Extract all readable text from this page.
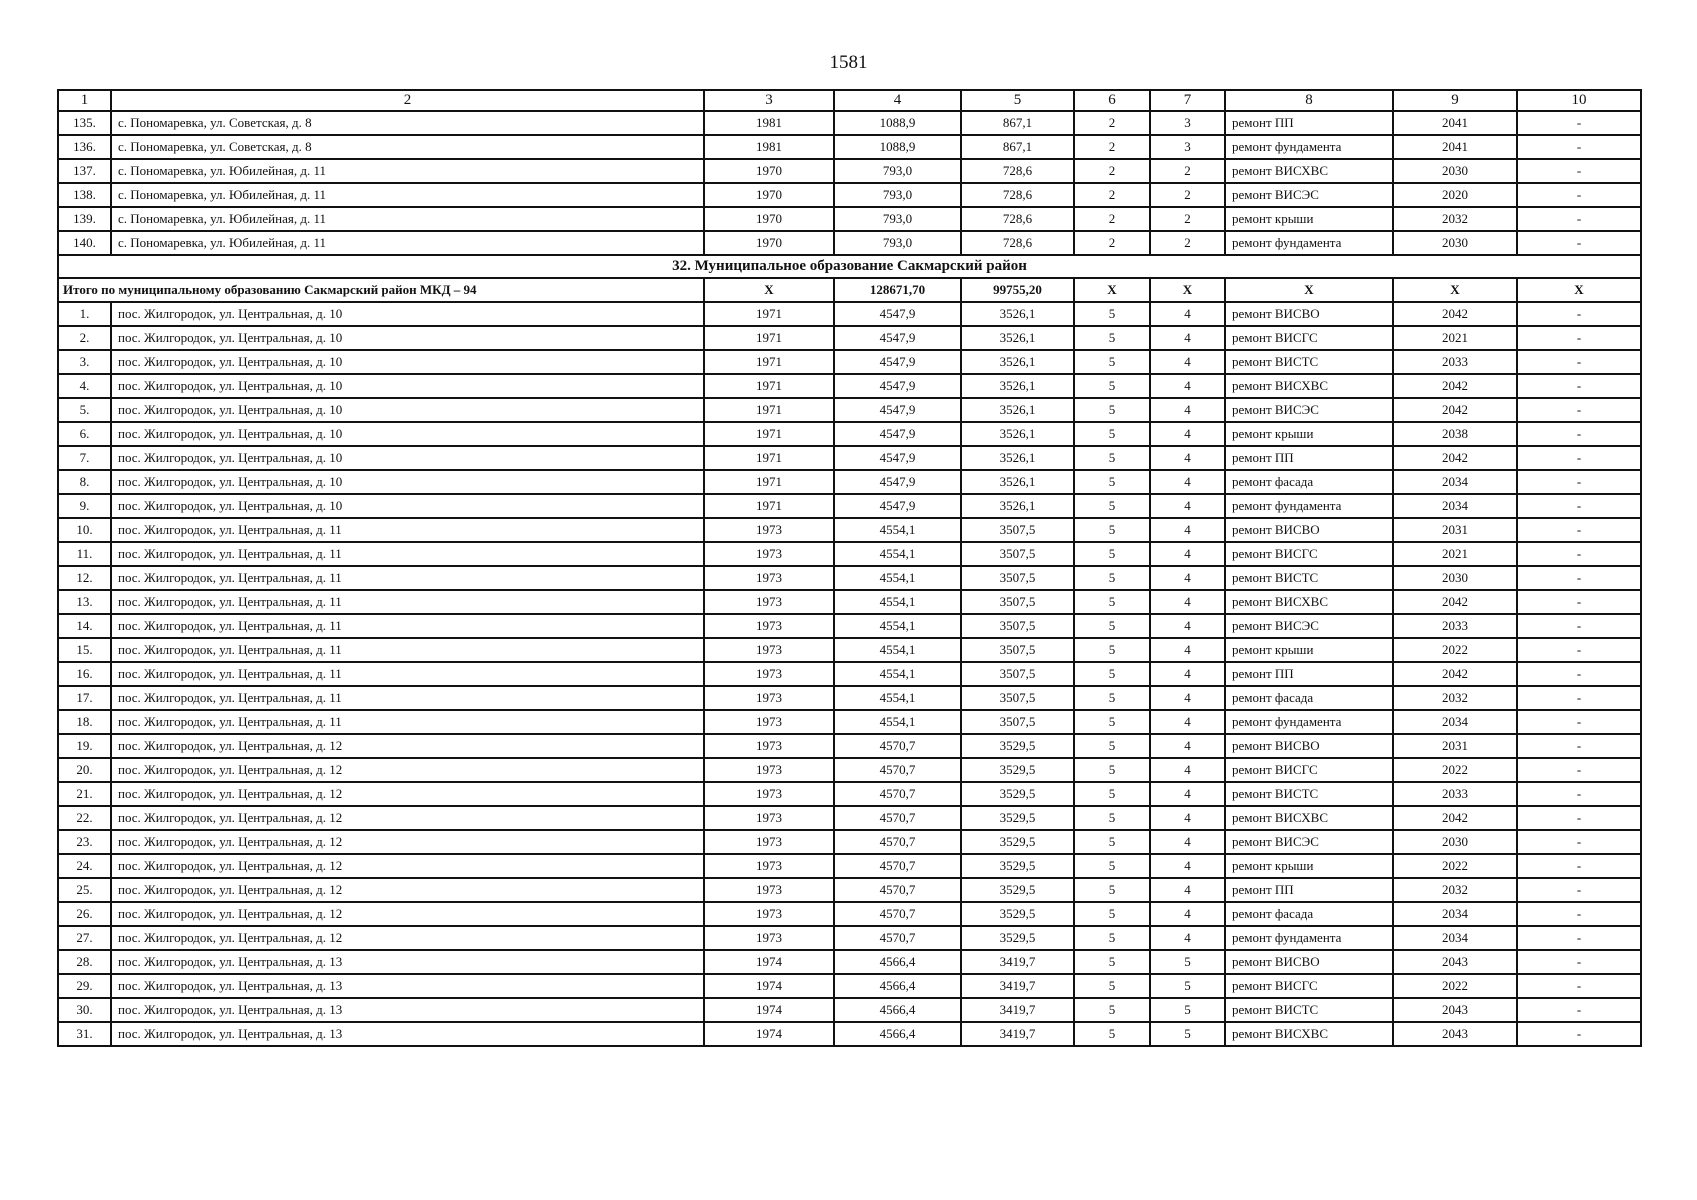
1581
1	2	3	4	5	6	7	8	9	10
135.	с. Пономаревка, ул. Советская, д. 8	1981	1088,9	867,1	2	3	ремонт ПП	2041	-
136.	с. Пономаревка, ул. Советская, д. 8	1981	1088,9	867,1	2	3	ремонт фундамента	2041	-
137.	с. Пономаревка, ул. Юбилейная, д. 11	1970	793,0	728,6	2	2	ремонт ВИСХВС	2030	-
138.	с. Пономаревка, ул. Юбилейная, д. 11	1970	793,0	728,6	2	2	ремонт ВИСЭС	2020	-
139.	с. Пономаревка, ул. Юбилейная, д. 11	1970	793,0	728,6	2	2	ремонт крыши	2032	-
140.	с. Пономаревка, ул. Юбилейная, д. 11	1970	793,0	728,6	2	2	ремонт фундамента	2030	-
32. Муниципальное образование Сакмарский район									
Итого по муниципальному образованию Сакмарский район МКД – 94		X	128671,70	99755,20	X	X	X	X	X
1.	пос. Жилгородок, ул. Центральная, д. 10	1971	4547,9	3526,1	5	4	ремонт ВИСВО	2042	-
2.	пос. Жилгородок, ул. Центральная, д. 10	1971	4547,9	3526,1	5	4	ремонт ВИСГС	2021	-
3.	пос. Жилгородок, ул. Центральная, д. 10	1971	4547,9	3526,1	5	4	ремонт ВИСТС	2033	-
4.	пос. Жилгородок, ул. Центральная, д. 10	1971	4547,9	3526,1	5	4	ремонт ВИСХВС	2042	-
5.	пос. Жилгородок, ул. Центральная, д. 10	1971	4547,9	3526,1	5	4	ремонт ВИСЭС	2042	-
6.	пос. Жилгородок, ул. Центральная, д. 10	1971	4547,9	3526,1	5	4	ремонт крыши	2038	-
7.	пос. Жилгородок, ул. Центральная, д. 10	1971	4547,9	3526,1	5	4	ремонт ПП	2042	-
8.	пос. Жилгородок, ул. Центральная, д. 10	1971	4547,9	3526,1	5	4	ремонт фасада	2034	-
9.	пос. Жилгородок, ул. Центральная, д. 10	1971	4547,9	3526,1	5	4	ремонт фундамента	2034	-
10.	пос. Жилгородок, ул. Центральная, д. 11	1973	4554,1	3507,5	5	4	ремонт ВИСВО	2031	-
11.	пос. Жилгородок, ул. Центральная, д. 11	1973	4554,1	3507,5	5	4	ремонт ВИСГС	2021	-
12.	пос. Жилгородок, ул. Центральная, д. 11	1973	4554,1	3507,5	5	4	ремонт ВИСТС	2030	-
13.	пос. Жилгородок, ул. Центральная, д. 11	1973	4554,1	3507,5	5	4	ремонт ВИСХВС	2042	-
14.	пос. Жилгородок, ул. Центральная, д. 11	1973	4554,1	3507,5	5	4	ремонт ВИСЭС	2033	-
15.	пос. Жилгородок, ул. Центральная, д. 11	1973	4554,1	3507,5	5	4	ремонт крыши	2022	-
16.	пос. Жилгородок, ул. Центральная, д. 11	1973	4554,1	3507,5	5	4	ремонт ПП	2042	-
17.	пос. Жилгородок, ул. Центральная, д. 11	1973	4554,1	3507,5	5	4	ремонт фасада	2032	-
18.	пос. Жилгородок, ул. Центральная, д. 11	1973	4554,1	3507,5	5	4	ремонт фундамента	2034	-
19.	пос. Жилгородок, ул. Центральная, д. 12	1973	4570,7	3529,5	5	4	ремонт ВИСВО	2031	-
20.	пос. Жилгородок, ул. Центральная, д. 12	1973	4570,7	3529,5	5	4	ремонт ВИСГС	2022	-
21.	пос. Жилгородок, ул. Центральная, д. 12	1973	4570,7	3529,5	5	4	ремонт ВИСТС	2033	-
22.	пос. Жилгородок, ул. Центральная, д. 12	1973	4570,7	3529,5	5	4	ремонт ВИСХВС	2042	-
23.	пос. Жилгородок, ул. Центральная, д. 12	1973	4570,7	3529,5	5	4	ремонт ВИСЭС	2030	-
24.	пос. Жилгородок, ул. Центральная, д. 12	1973	4570,7	3529,5	5	4	ремонт крыши	2022	-
25.	пос. Жилгородок, ул. Центральная, д. 12	1973	4570,7	3529,5	5	4	ремонт ПП	2032	-
26.	пос. Жилгородок, ул. Центральная, д. 12	1973	4570,7	3529,5	5	4	ремонт фасада	2034	-
27.	пос. Жилгородок, ул. Центральная, д. 12	1973	4570,7	3529,5	5	4	ремонт фундамента	2034	-
28.	пос. Жилгородок, ул. Центральная, д. 13	1974	4566,4	3419,7	5	5	ремонт ВИСВО	2043	-
29.	пос. Жилгородок, ул. Центральная, д. 13	1974	4566,4	3419,7	5	5	ремонт ВИСГС	2022	-
30.	пос. Жилгородок, ул. Центральная, д. 13	1974	4566,4	3419,7	5	5	ремонт ВИСТС	2043	-
31.	пос. Жилгородок, ул. Центральная, д. 13	1974	4566,4	3419,7	5	5	ремонт ВИСХВС	2043	-
